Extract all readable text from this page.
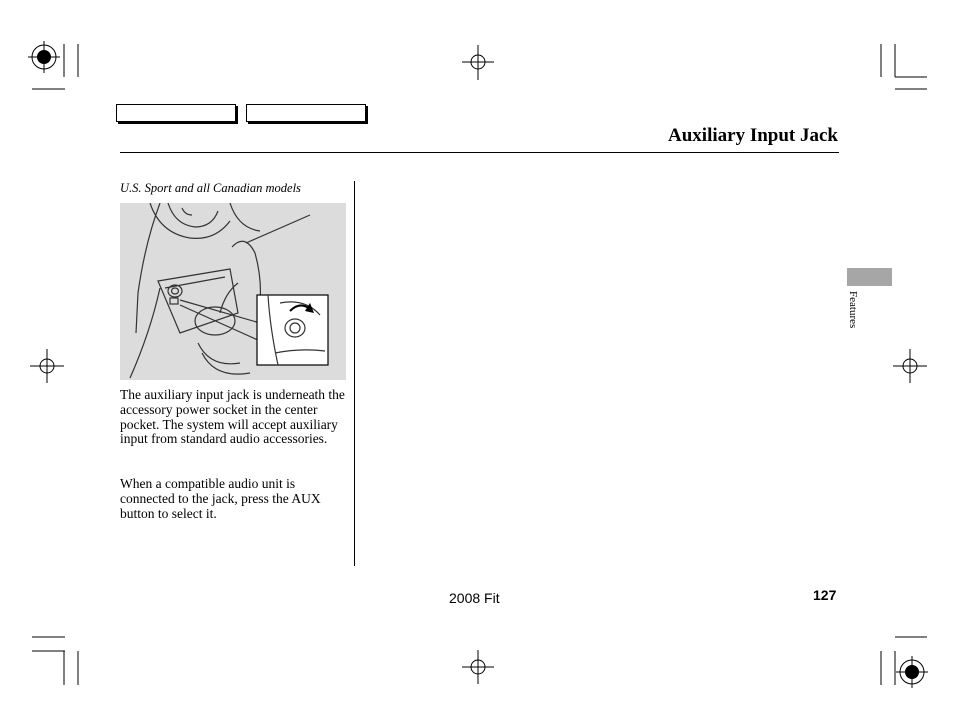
Auxiliary Input Jack
U.S. Sport and all Canadian models
The auxiliary input jack is underneath the accessory power socket in the center pocket. The system will accept auxiliary input from standard audio accessories.
When a compatible audio unit is connected to the jack, press the AUX button to select it.
Features
2008 Fit	127
